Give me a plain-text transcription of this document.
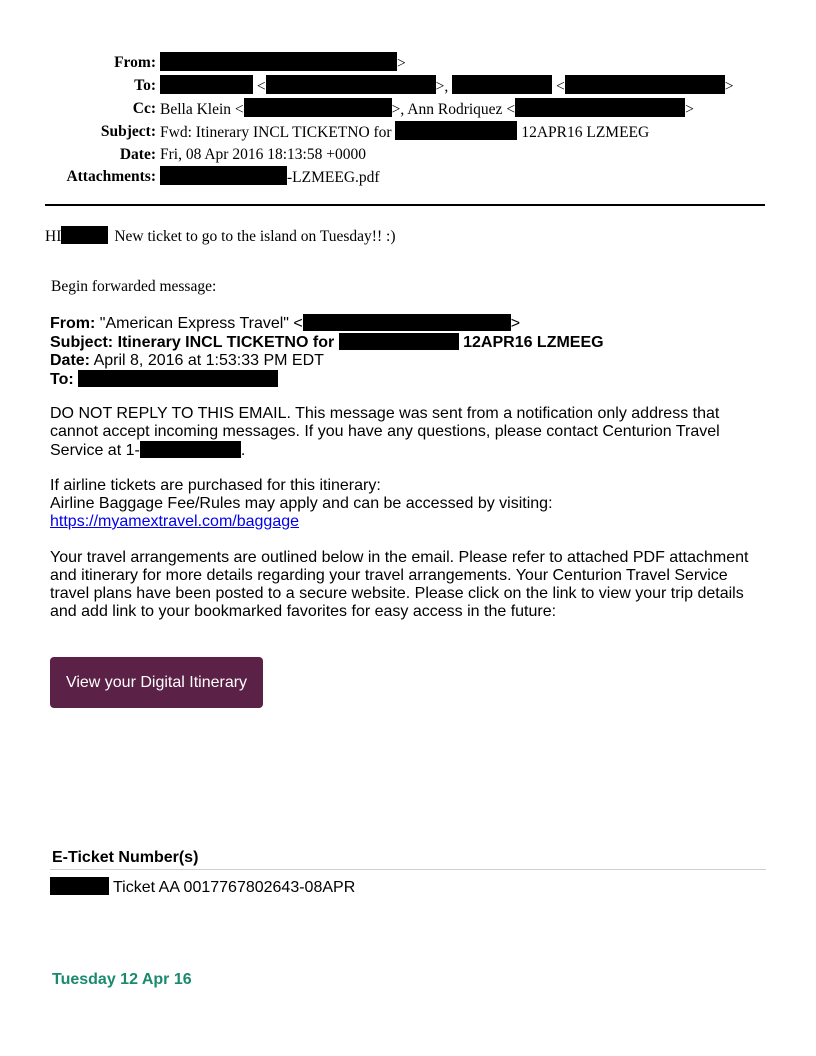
From:	>
To:	<	>,	<	>
Cc: Bella Klein <	>, Ann Rodriquez <	>
Subject: Fwd: Itinerary INCL TICKETNO for	12APR16 LZMEEG
Date: Fri, 08 Apr 2016 18:13:58 +0000
Attachments:	-LZMEEG.pdf
HI	New ticket to go to the island on Tuesday!! :)
Begin forwarded message:
From: "American Express Travel" <	>
Subject: Itinerary INCL TICKETNO for	12APR16 LZMEEG
Date: April 8, 2016 at 1:53:33 PM EDT
To:
DO NOT REPLY TO THIS EMAIL. This message was sent from a notification only address that cannot accept incoming messages. If you have any questions, please contact Centurion Travel Service at 1-	.
If airline tickets are purchased for this itinerary:
Airline Baggage Fee/Rules may apply and can be accessed by visiting:
https://myamextravel.com/baggage
Your travel arrangements are outlined below in the email. Please refer to attached PDF attachment and itinerary for more details regarding your travel arrangements. Your Centurion Travel Service travel plans have been posted to a secure website. Please click on the link to view your trip details and add link to your bookmarked favorites for easy access in the future:
View your Digital Itinerary
E-Ticket Number(s)
Ticket AA 0017767802643-08APR
Tuesday 12 Apr 16
